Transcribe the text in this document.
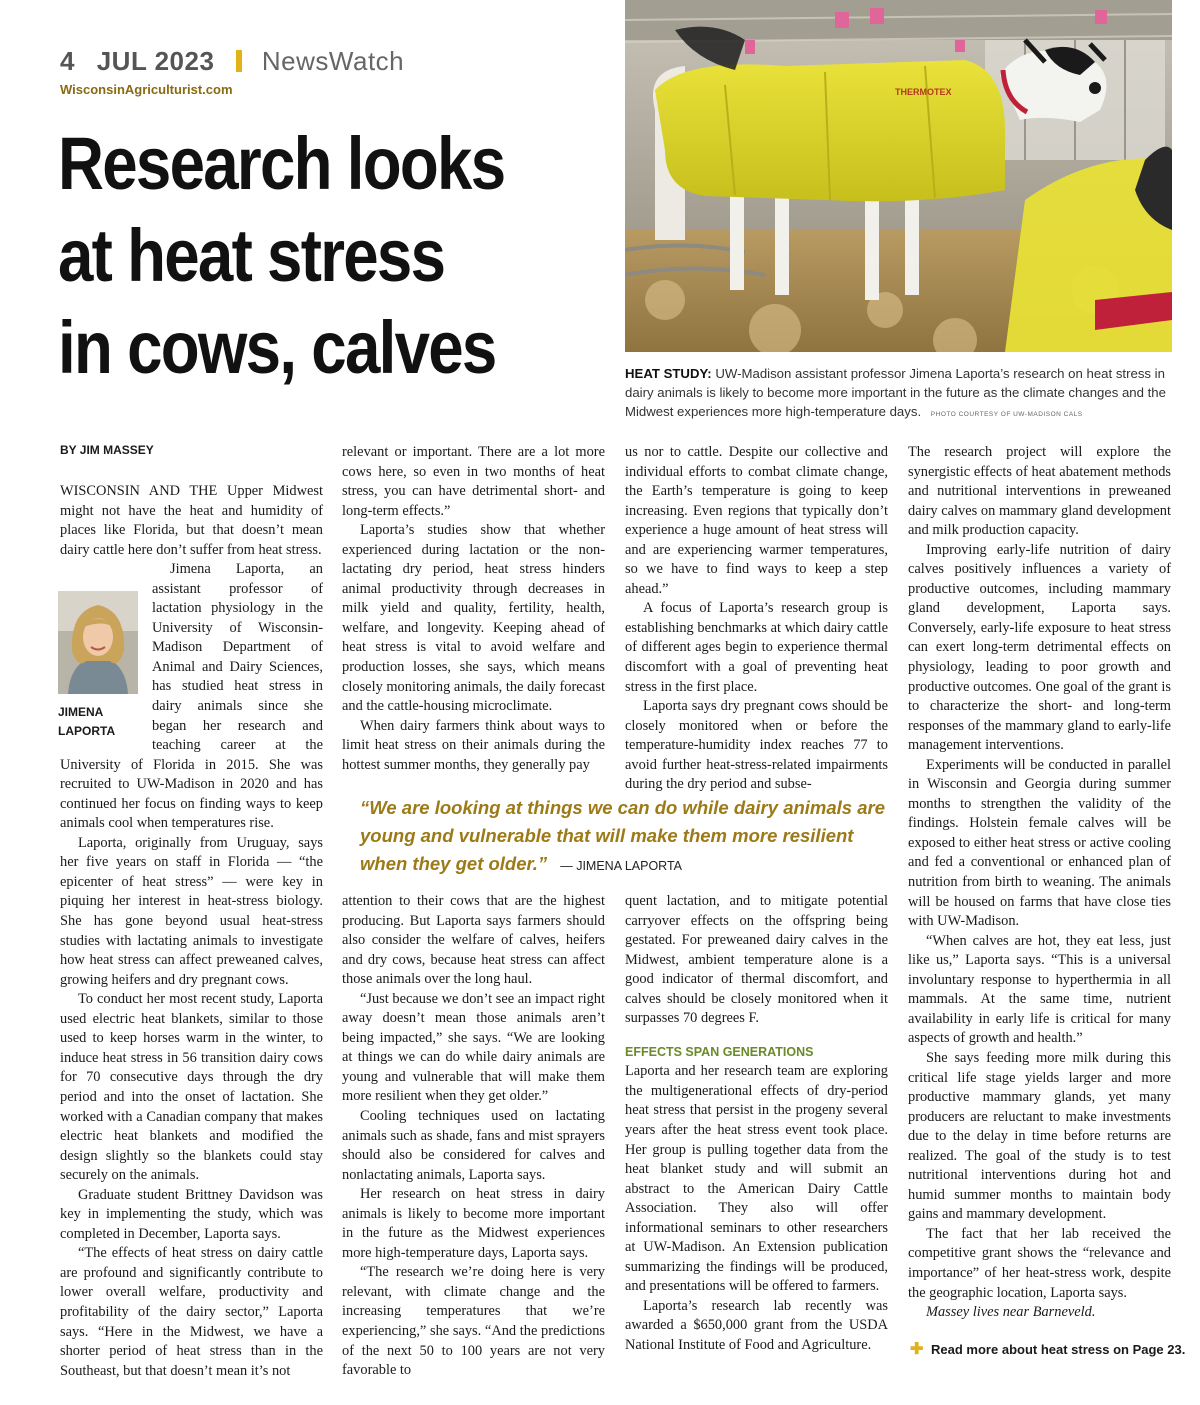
4 JUL 2023 NewsWatch
WisconsinAgriculturist.com
Research looks
at heat stress
in cows, calves
THERMOTEX
HEAT STUDY: UW-Madison assistant professor Jimena Laporta’s research on heat stress in dairy animals is likely to become more important in the future as the climate changes and the Midwest experiences more high-temperature days. PHOTO COURTESY OF UW-MADISON CALS
BY JIM MASSEY
JIMENA
LAPORTA

WISCONSIN AND THE Upper Midwest might not have the heat and humidity of places like Florida, but that doesn’t mean dairy cattle here don’t suffer from heat stress.

Jimena Laporta, an assistant professor of lactation physiology in the University of Wisconsin-Madison Department of Animal and Dairy Sciences, has studied heat stress in dairy animals since she began her research and teaching career at the University of Florida in 2015. She was recruited to UW-Madison in 2020 and has continued her focus on finding ways to keep animals cool when temperatures rise.

Laporta, originally from Uruguay, says her five years on staff in Florida — “the epicenter of heat stress” — were key in piquing her interest in heat-stress biology. She has gone beyond usual heat-stress studies with lactating animals to investigate how heat stress can affect preweaned calves, growing heifers and dry pregnant cows.

To conduct her most recent study, Laporta used electric heat blankets, similar to those used to keep horses warm in the winter, to induce heat stress in 56 transition dairy cows for 70 consecutive days through the dry period and into the onset of lactation. She worked with a Canadian company that makes electric heat blankets and modified the design slightly so the blankets could stay securely on the animals.

Graduate student Brittney Davidson was key in implementing the study, which was completed in December, Laporta says.

“The effects of heat stress on dairy cattle are profound and significantly contribute to lower overall welfare, productivity and profitability of the dairy sector,” Laporta says. “Here in the Midwest, we have a shorter period of heat stress than in the Southeast, but that doesn’t mean it’s not

relevant or important. There are a lot more cows here, so even in two months of heat stress, you can have detrimental short- and long-term effects.”

Laporta’s studies show that whether experienced during lactation or the non-lactating dry period, heat stress hinders animal productivity through decreases in milk yield and quality, fertility, health, welfare, and longevity. Keeping ahead of heat stress is vital to avoid welfare and production losses, she says, which means closely monitoring animals, the daily forecast and the cattle-housing microclimate.

When dairy farmers think about ways to limit heat stress on their animals during the hottest summer months, they generally pay

attention to their cows that are the highest producing. But Laporta says farmers should also consider the welfare of calves, heifers and dry cows, because heat stress can affect those animals over the long haul.

“Just because we don’t see an impact right away doesn’t mean those animals aren’t being impacted,” she says. “We are looking at things we can do while dairy animals are young and vulnerable that will make them more resilient when they get older.”

Cooling techniques used on lactating animals such as shade, fans and mist sprayers should also be considered for calves and nonlactating animals, Laporta says.

Her research on heat stress in dairy animals is likely to become more important in the future as the Midwest experiences more high-temperature days, Laporta says.

“The research we’re doing here is very relevant, with climate change and the increasing temperatures that we’re experiencing,” she says. “And the predictions of the next 50 to 100 years are not very favorable to

us nor to cattle. Despite our collective and individual efforts to combat climate change, the Earth’s temperature is going to keep increasing. Even regions that typically don’t experience a huge amount of heat stress will and are experiencing warmer temperatures, so we have to find ways to keep a step ahead.”

A focus of Laporta’s research group is establishing benchmarks at which dairy cattle of different ages begin to experience thermal discomfort with a goal of preventing heat stress in the first place.

Laporta says dry pregnant cows should be closely monitored when or before the temperature-humidity index reaches 77 to avoid further heat-stress-related impairments during the dry period and subse-

quent lactation, and to mitigate potential carryover effects on the offspring being gestated. For preweaned dairy calves in the Midwest, ambient temperature alone is a good indicator of thermal discomfort, and calves should be closely monitored when it surpasses 70 degrees F.

EFFECTS SPAN GENERATIONS

Laporta and her research team are exploring the multigenerational effects of dry-period heat stress that persist in the progeny several years after the heat stress event took place. Her group is pulling together data from the heat blanket study and will submit an abstract to the American Dairy Cattle Association. They also will offer informational seminars to other researchers at UW-Madison. An Extension publication summarizing the findings will be produced, and presentations will be offered to farmers.

Laporta’s research lab recently was awarded a $650,000 grant from the USDA National Institute of Food and Agriculture.

The research project will explore the synergistic effects of heat abatement methods and nutritional interventions in preweaned dairy calves on mammary gland development and milk production capacity.

Improving early-life nutrition of dairy calves positively influences a variety of productive outcomes, including mammary gland development, Laporta says. Conversely, early-life exposure to heat stress can exert long-term detrimental effects on physiology, leading to poor growth and productive outcomes. One goal of the grant is to characterize the short- and long-term responses of the mammary gland to early-life management interventions.

Experiments will be conducted in parallel in Wisconsin and Georgia during summer months to strengthen the validity of the findings. Holstein female calves will be exposed to either heat stress or active cooling and fed a conventional or enhanced plan of nutrition from birth to weaning. The animals will be housed on farms that have close ties with UW-Madison.

“When calves are hot, they eat less, just like us,” Laporta says. “This is a universal involuntary response to hyperthermia in all mammals. At the same time, nutrient availability in early life is critical for many aspects of growth and health.”

She says feeding more milk during this critical life stage yields larger and more productive mammary glands, yet many producers are reluctant to make investments due to the delay in time before returns are realized. The goal of the study is to test nutritional interventions during hot and humid summer months to maintain body gains and mammary development.

The fact that her lab received the competitive grant shows the “relevance and importance” of her heat-stress work, despite the geographic location, Laporta says.

Massey lives near Barneveld.

“We are looking at things we can do while dairy animals are young and vulnerable that will make them more resilient when they get older.” — JIMENA LAPORTA
✚ Read more about heat stress on Page 23.
